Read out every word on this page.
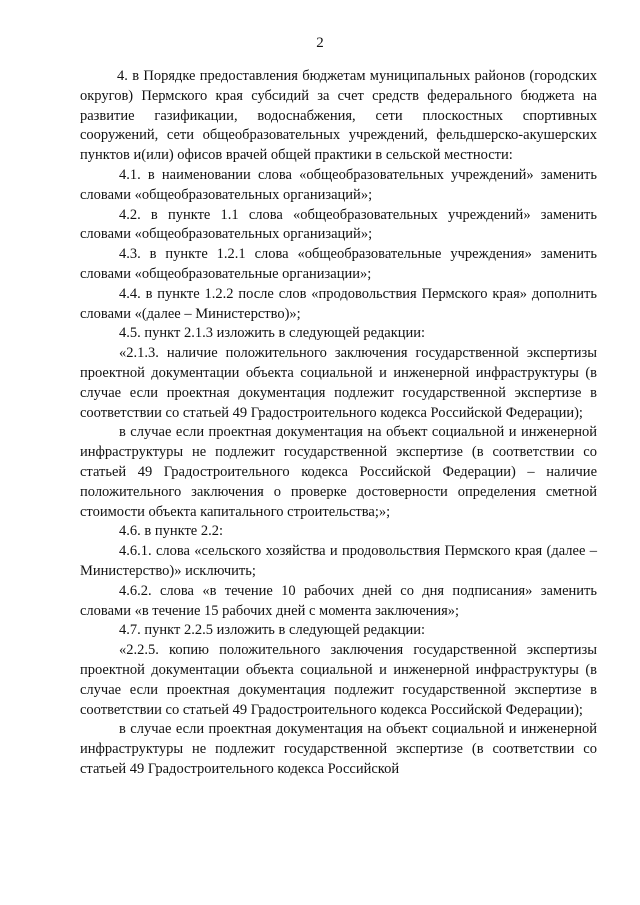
2

4. в Порядке предоставления бюджетам муниципальных районов (городских округов) Пермского края субсидий за счет средств федерального бюджета на развитие газификации, водоснабжения, сети плоскостных спортивных сооружений, сети общеобразовательных учреждений, фельдшерско-акушерских пунктов и(или) офисов врачей общей практики в сельской местности:

4.1. в наименовании слова «общеобразовательных учреждений» заменить словами «общеобразовательных организаций»;

4.2. в пункте 1.1 слова «общеобразовательных учреждений» заменить словами «общеобразовательных организаций»;

4.3. в пункте 1.2.1 слова «общеобразовательные учреждения» заменить словами «общеобразовательные организации»;

4.4. в пункте 1.2.2 после слов «продовольствия Пермского края» дополнить словами «(далее – Министерство)»;

4.5. пункт 2.1.3 изложить в следующей редакции:

«2.1.3. наличие положительного заключения государственной экспертизы проектной документации объекта социальной и инженерной инфраструктуры (в случае если проектная документация подлежит государственной экспертизе в соответствии со статьей 49 Градостроительного кодекса Российской Федерации);

в случае если проектная документация на объект социальной и инженерной инфраструктуры не подлежит государственной экспертизе (в соответствии со статьей 49 Градостроительного кодекса Российской Федерации) – наличие положительного заключения о проверке достоверности определения сметной стоимости объекта капитального строительства;»;

4.6. в пункте 2.2:

4.6.1. слова «сельского хозяйства и продовольствия Пермского края (далее – Министерство)» исключить;

4.6.2. слова «в течение 10 рабочих дней со дня подписания» заменить словами «в течение 15 рабочих дней с момента заключения»;

4.7. пункт 2.2.5 изложить в следующей редакции:

«2.2.5. копию положительного заключения государственной экспертизы проектной документации объекта социальной и инженерной инфраструктуры (в случае если проектная документация подлежит государственной экспертизе в соответствии со статьей 49 Градостроительного кодекса Российской Федерации);

в случае если проектная документация на объект социальной и инженерной инфраструктуры не подлежит государственной экспертизе (в соответствии со статьей 49 Градостроительного кодекса Российской
